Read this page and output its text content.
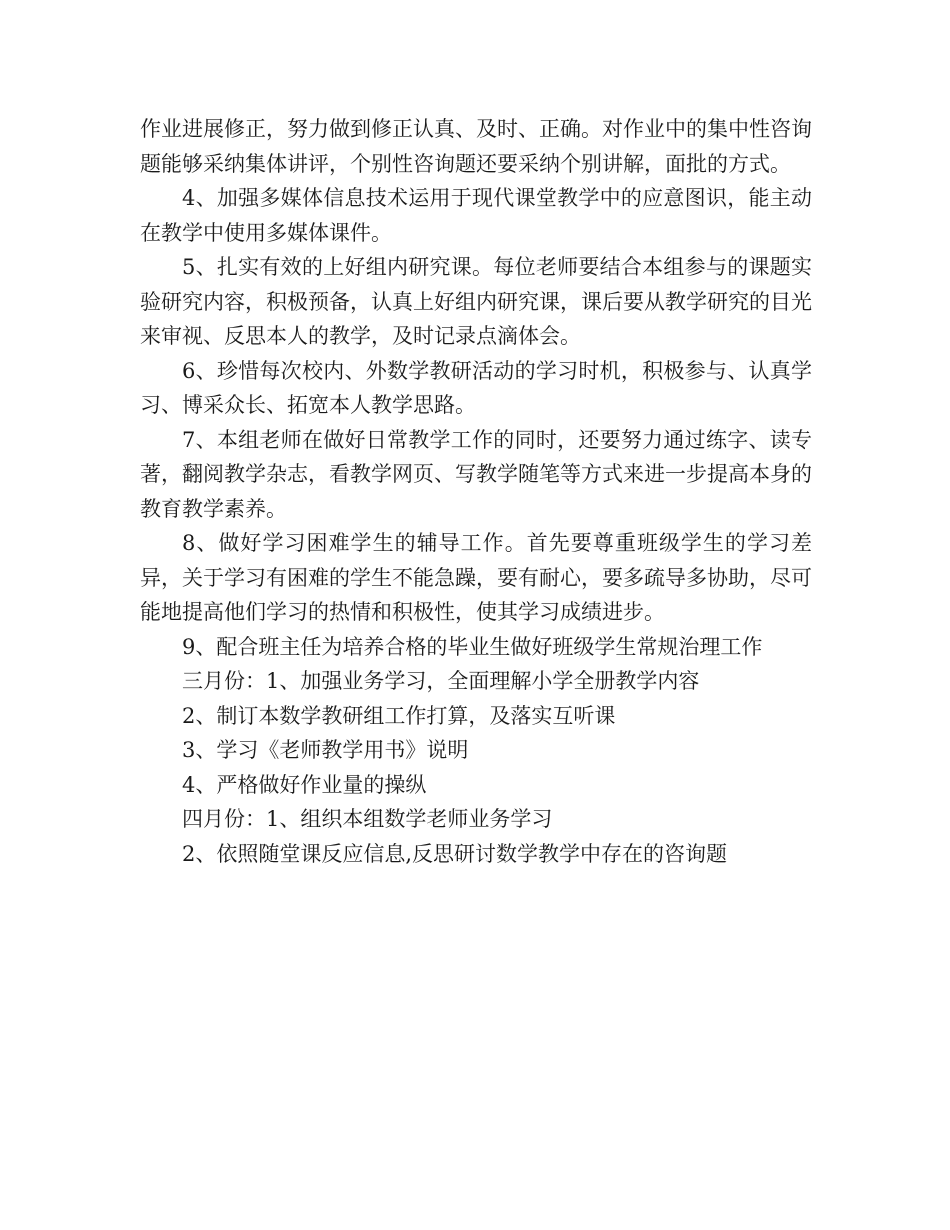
作业进展修正，努力做到修正认真、及时、正确。对作业中的集中性咨询题能够采纳集体讲评，个别性咨询题还要采纳个别讲解，面批的方式。

4、加强多媒体信息技术运用于现代课堂教学中的应意图识，能主动在教学中使用多媒体课件。

5、扎实有效的上好组内研究课。每位老师要结合本组参与的课题实验研究内容，积极预备，认真上好组内研究课，课后要从教学研究的目光来审视、反思本人的教学，及时记录点滴体会。

6、珍惜每次校内、外数学教研活动的学习时机，积极参与、认真学习、博采众长、拓宽本人教学思路。

7、本组老师在做好日常教学工作的同时，还要努力通过练字、读专著，翻阅教学杂志，看教学网页、写教学随笔等方式来进一步提高本身的教育教学素养。

8、做好学习困难学生的辅导工作。首先要尊重班级学生的学习差异，关于学习有困难的学生不能急躁，要有耐心，要多疏导多协助，尽可能地提高他们学习的热情和积极性，使其学习成绩进步。

9、配合班主任为培养合格的毕业生做好班级学生常规治理工作

三月份：1、加强业务学习，全面理解小学全册教学内容

2、制订本数学教研组工作打算，及落实互听课

3、学习《老师教学用书》说明

4、严格做好作业量的操纵

四月份：1、组织本组数学老师业务学习

2、依照随堂课反应信息,反思研讨数学教学中存在的咨询题
